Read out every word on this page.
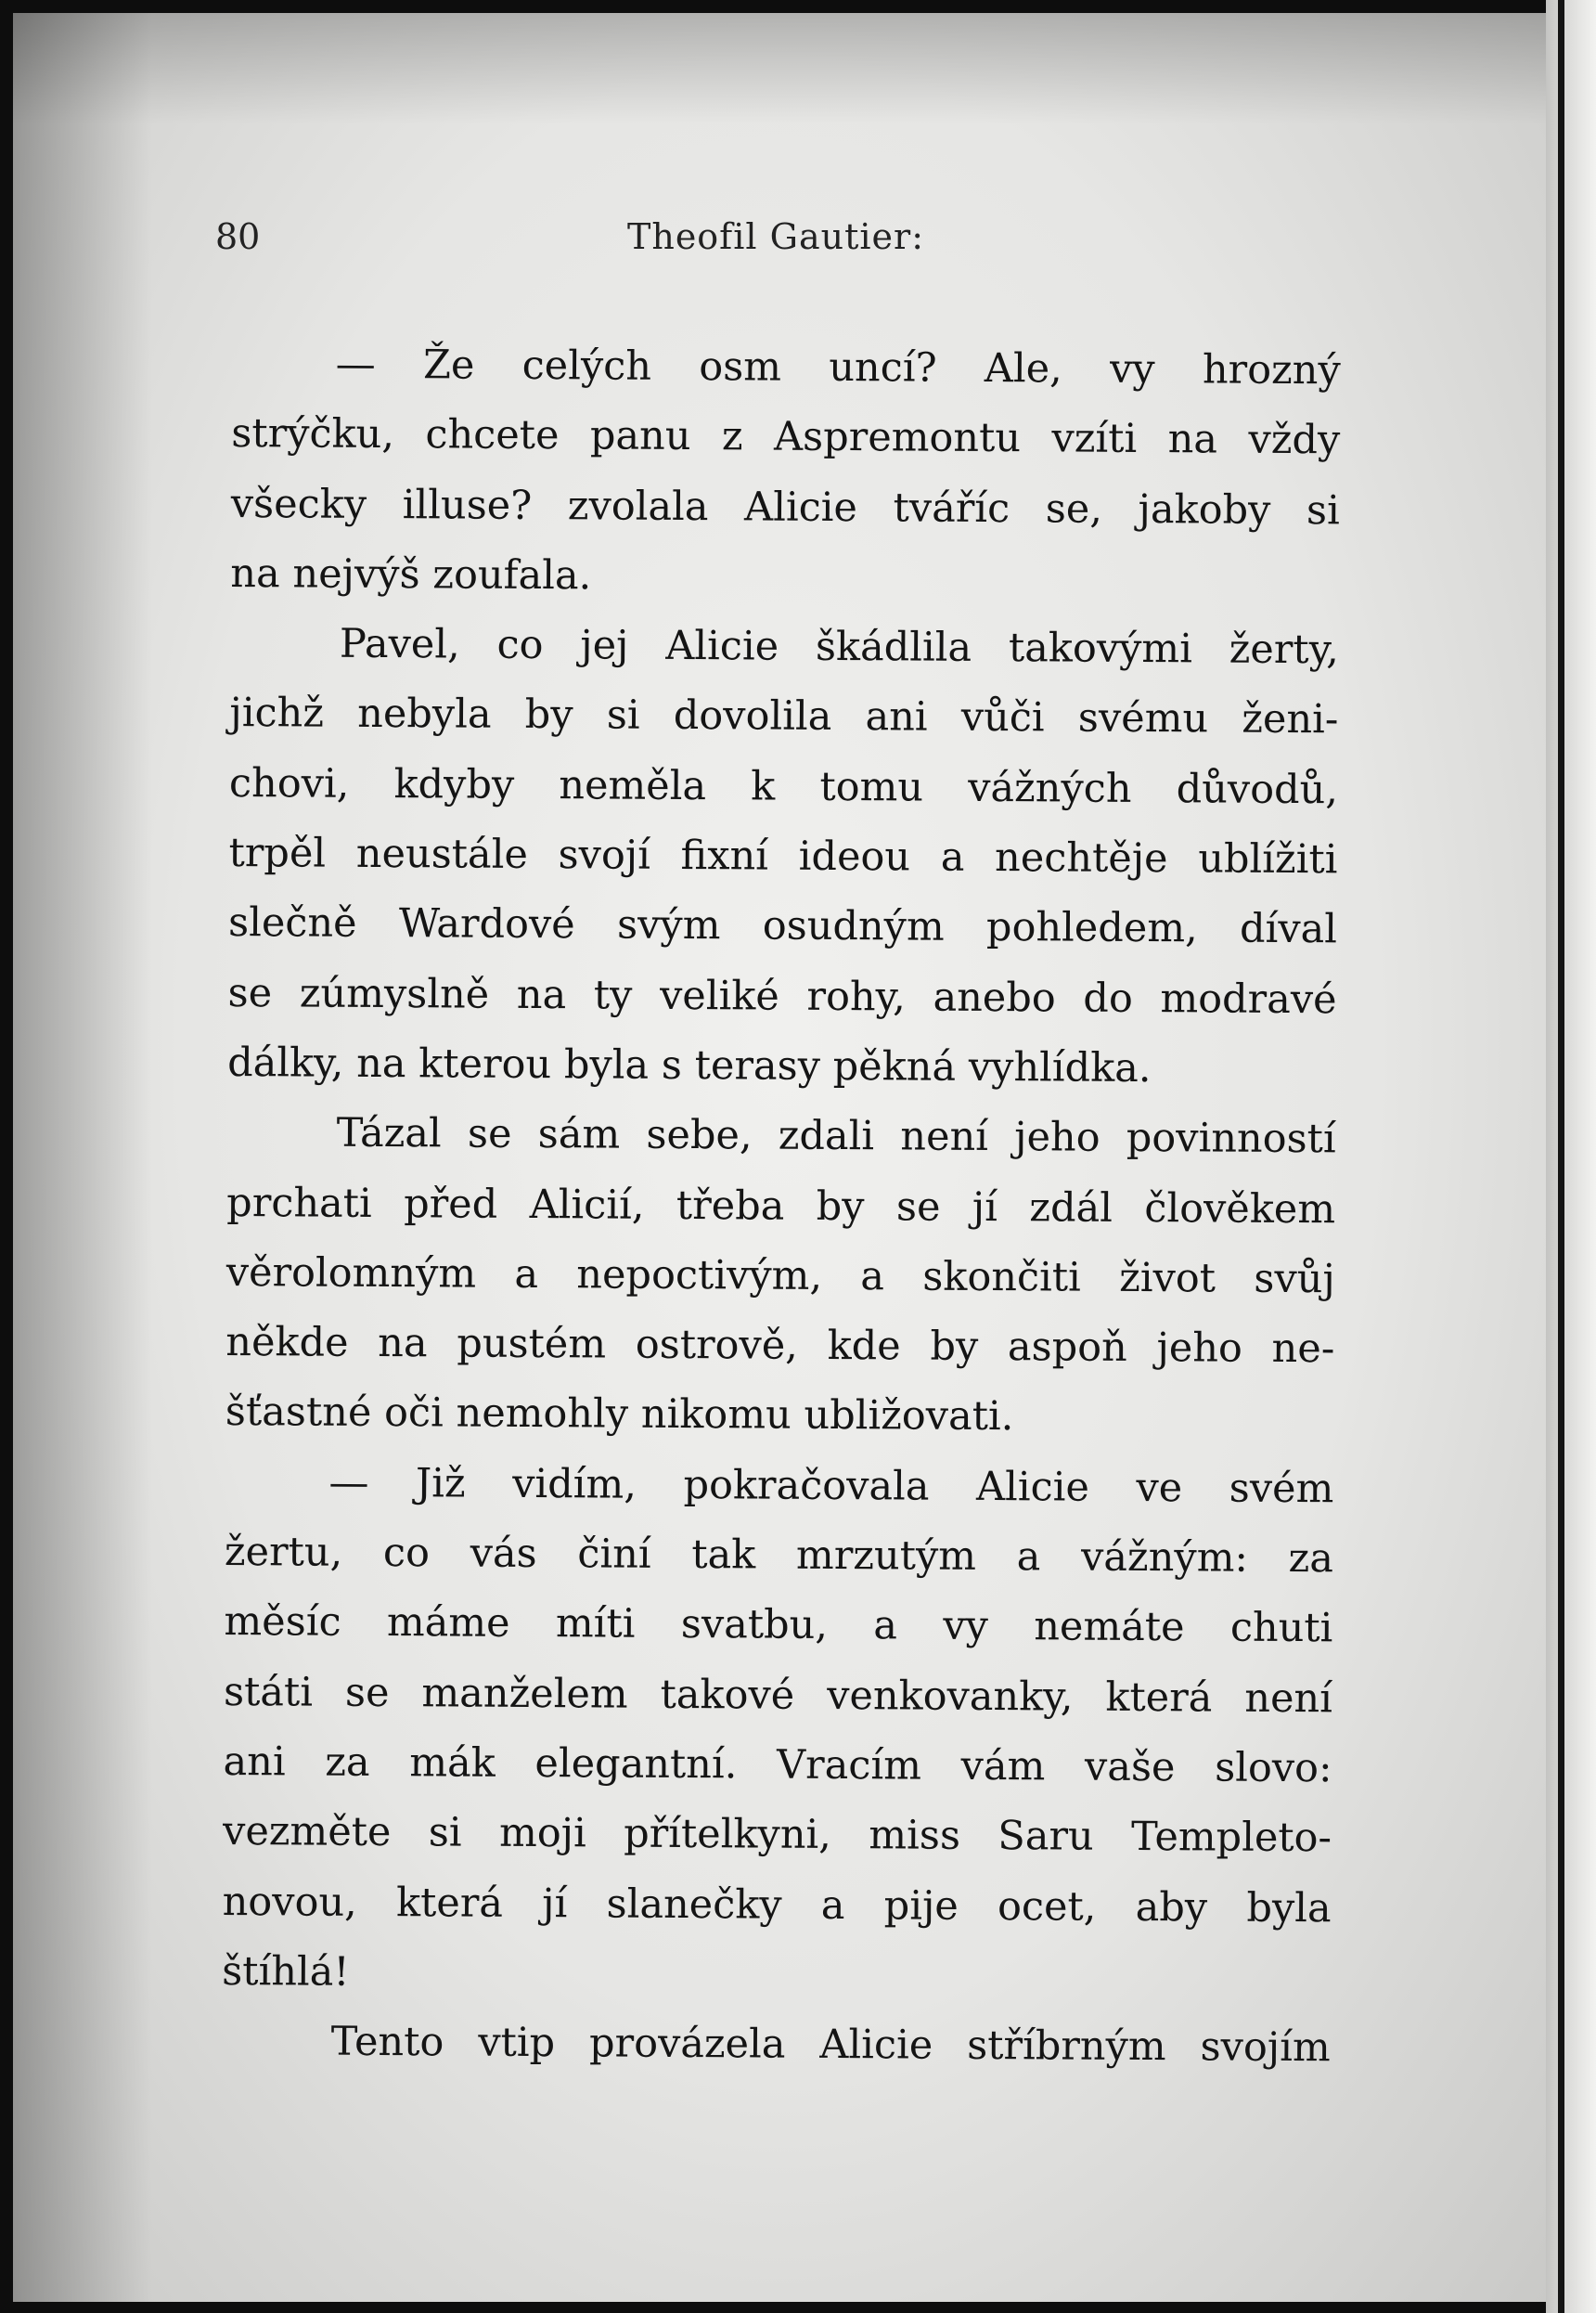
80	Theofil Gautier:
— Že celých osm uncí? Ale, vy hrozný
strýčku, chcete panu z Aspremontu vzíti na vždy
všecky illuse? zvolala Alicie tváříc se, jakoby si
na nejvýš zoufala.
Pavel, co jej Alicie škádlila takovými žerty,
jichž nebyla by si dovolila ani vůči svému ženi-
chovi, kdyby neměla k tomu vážných důvodů,
trpěl neustále svojí fixní ideou a nechtěje ublížiti
slečně Wardové svým osudným pohledem, díval
se zúmyslně na ty veliké rohy, anebo do modravé
dálky, na kterou byla s terasy pěkná vyhlídka.
Tázal se sám sebe, zdali není jeho povinností
prchati před Alicií, třeba by se jí zdál člověkem
věrolomným a nepoctivým, a skončiti život svůj
někde na pustém ostrově, kde by aspoň jeho ne-
šťastné oči nemohly nikomu ubližovati.
— Již vidím, pokračovala Alicie ve svém
žertu, co vás činí tak mrzutým a vážným: za
měsíc máme míti svatbu, a vy nemáte chuti
státi se manželem takové venkovanky, která není
ani za mák elegantní. Vracím vám vaše slovo:
vezměte si moji přítelkyni, miss Saru Templeto-
novou, která jí slanečky a pije ocet, aby byla
štíhlá!
Tento vtip provázela Alicie stříbrným svojím
